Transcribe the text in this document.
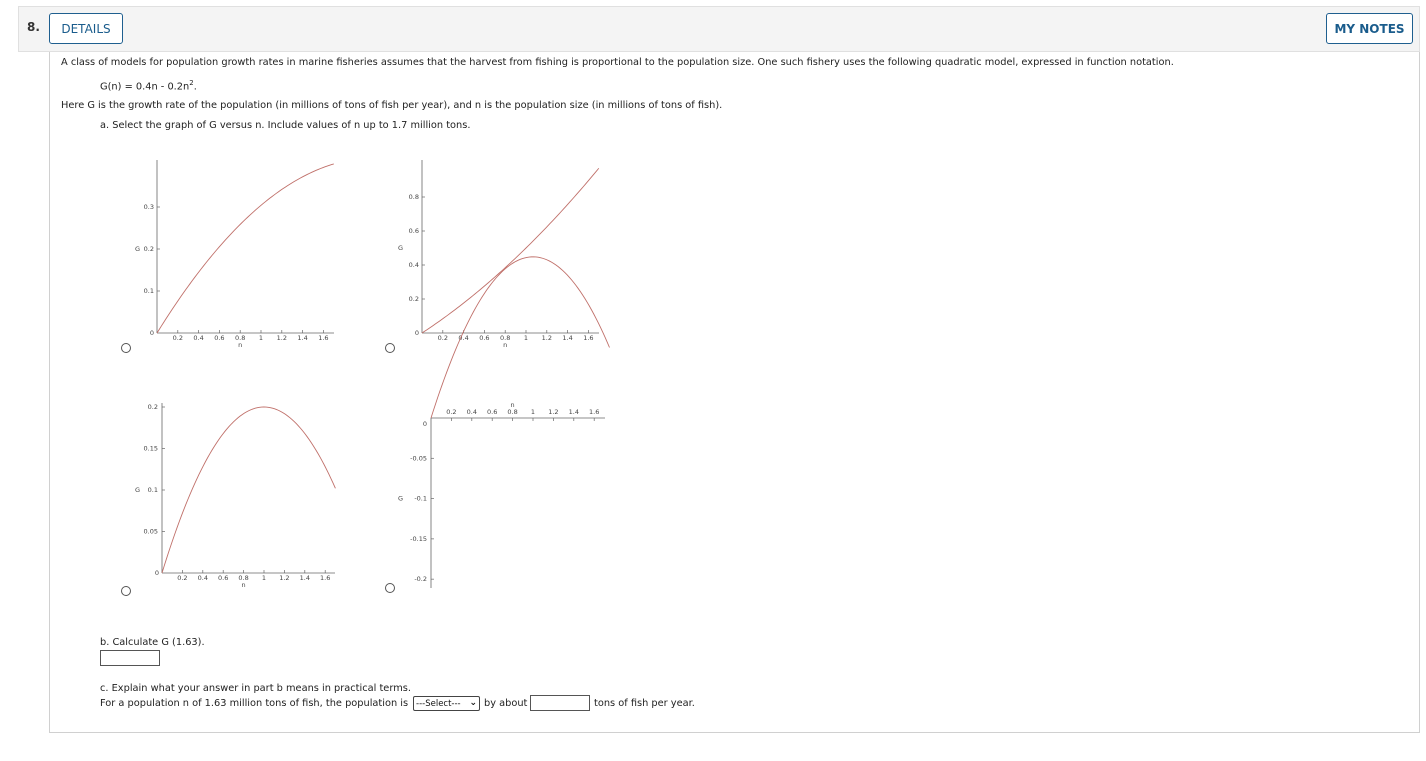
8.	DETAILS	MY NOTES
A class of models for population growth rates in marine fisheries assumes that the harvest from fishing is proportional to the population size. One such fishery uses the following quadratic model, expressed in function notation.
$G(n) = 0.4n - 0.2n^2$.
Here G is the growth rate of the population (in millions of tons of fish per year), and n is the population size (in millions of tons of fish).
a. Select the graph of G versus n. Include values of n up to 1.7 million tons.
0.2 0.4 0.6 0.8 1 1.2 1.4 1.6
n
0
0.1
0.2
0.3
G
0.2 0.4 0.6 0.8 1 1.2 1.4 1.6
n
0
0.2
0.4
0.6
0.8
G
0.2 0.4 0.6 0.8 1 1.2 1.4 1.6
n
0
0.05
0.1
0.15
0.2
G
0.2 0.4 0.6 0.8 1 1.2 1.4 1.6
n
0
-0.05
-0.1
-0.15
-0.2
G
b. Calculate G (1.63).
c. Explain what your answer in part b means in practical terms.
For a population n of 1.63 million tons of fish, the population is ---Select--- ⌄ by about	tons of fish per year.
